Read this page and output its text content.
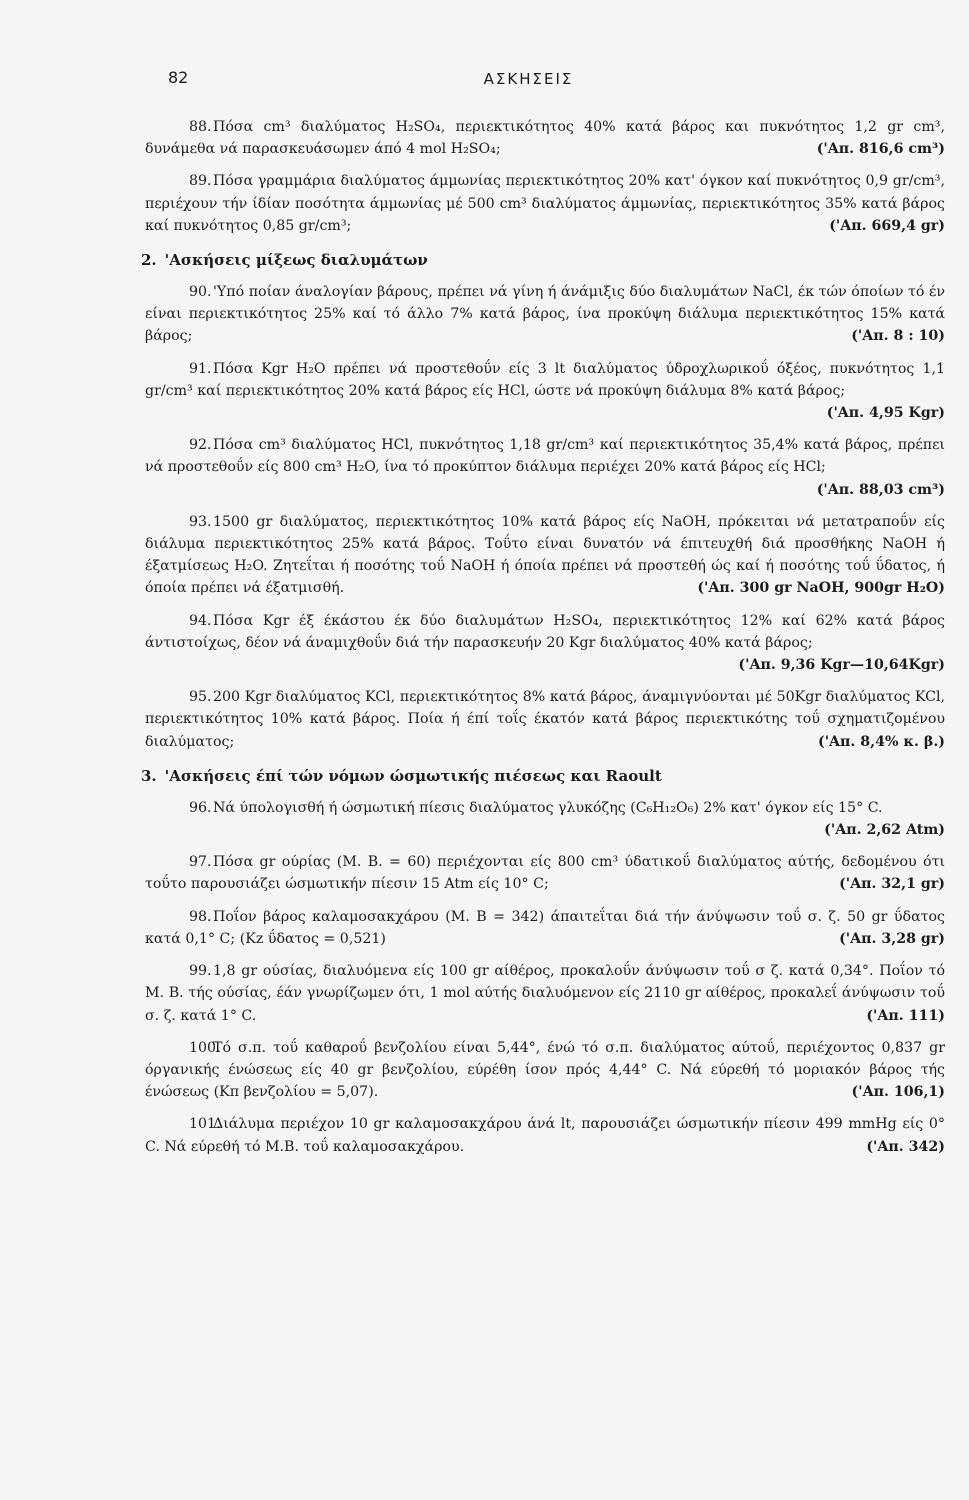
82	ΑΣΚΗΣΕΙΣ
88.Πόσα cm³ διαλύματος H₂SO₄, περιεκτικότητος 40% κατά βάρος και πυκνότητος 1,2 gr cm³, δυνάμεθα νά παρασκευάσωμεν άπό 4 mol H₂SO₄;	('Απ. 816,6 cm³)
89.Πόσα γραμμάρια διαλύματος άμμωνίας περιεκτικότητος 20% κατ' όγκον καί πυκνότητος 0,9 gr/cm³, περιέχουν τήν ίδίαν ποσότητα άμμωνίας μέ 500 cm³ διαλύματος άμμωνίας, περιεκτικότητος 35% κατά βάρος καί πυκνότητος 0,85 gr/cm³;	('Απ. 669,4 gr)
2. 'Ασκήσεις μίξεως διαλυμάτων
90.'Υπό ποίαν άναλογίαν βάρους, πρέπει νά γίνη ή άνάμιξις δύο διαλυμάτων NaCl, έκ τών όποίων τό έν είναι περιεκτικότητος 25% καί τό άλλο 7% κατά βάρος, ίνα προκύψη διάλυμα περιεκτικότητος 15% κατά βάρος;	('Απ. 8 : 10)
91.Πόσα Kgr H₂O πρέπει νά προστεθοΰν είς 3 lt διαλύματος ύδροχλωρικοΰ όξέος, πυκνότητος 1,1 gr/cm³ καί περιεκτικότητος 20% κατά βάρος είς HCl, ώστε νά προκύψη διάλυμα 8% κατά βάρος;
('Απ. 4,95 Kgr)
92.Πόσα cm³ διαλύματος HCl, πυκνότητος 1,18 gr/cm³ καί περιεκτικότητος 35,4% κατά βάρος, πρέπει νά προστεθοΰν είς 800 cm³ H₂O, ίνα τό προκύπτον διάλυμα περιέχει 20% κατά βάρος είς HCl;
('Απ. 88,03 cm³)
93.1500 gr διαλύματος, περιεκτικότητος 10% κατά βάρος είς NaOH, πρόκειται νά μετατραποΰν είς διάλυμα περιεκτικότητος 25% κατά βάρος. Τοΰτο είναι δυνατόν νά έπιτευχθή διά προσθήκης NaOH ή έξατμίσεως H₂O. Ζητεΐται ή ποσότης τοΰ NaOH ή όποία πρέπει νά προστεθή ώς καί ή ποσότης τοΰ ΰδατος, ή όποία πρέπει νά έξατμισθή.	('Απ. 300 gr NaOH, 900gr H₂O)
94.Πόσα Kgr έξ έκάστου έκ δύο διαλυμάτων H₂SO₄, περιεκτικότητος 12% καί 62% κατά βάρος άντιστοίχως, δέον νά άναμιχθοΰν διά τήν παρασκευήν 20 Kgr διαλύματος 40% κατά βάρος;
('Απ. 9,36 Kgr—10,64Kgr)
95.200 Kgr διαλύματος KCl, περιεκτικότητος 8% κατά βάρος, άναμιγνύονται μέ 50Kgr διαλύματος KCl, περιεκτικότητος 10% κατά βάρος. Ποία ή έπί τοΐς έκατόν κατά βάρος περιεκτικότης τοΰ σχηματιζομένου διαλύματος;	('Απ. 8,4% κ. β.)
3. 'Ασκήσεις έπί τών νόμων ώσμωτικής πιέσεως και Raoult
96.Νά ύπολογισθή ή ώσμωτική πίεσις διαλύματος γλυκόζης (C₆H₁₂O₆) 2% κατ' όγκον είς 15° C.
('Απ. 2,62 Atm)
97.Πόσα gr ούρίας (M. B. = 60) περιέχονται είς 800 cm³ ύδατικοΰ διαλύματος αύτής, δεδομένου ότι τοΰτο παρουσιάζει ώσμωτικήν πίεσιν 15 Atm είς 10° C;	('Απ. 32,1 gr)
98.Ποΐον βάρος καλαμοσακχάρου (M. B = 342) άπαιτεΐται διά τήν άνύψωσιν τοΰ σ. ζ. 50 gr ΰδατος κατά 0,1° C; (Kz ΰδατος = 0,521)	('Απ. 3,28 gr)
99.1,8 gr ούσίας, διαλυόμενα είς 100 gr αίθέρος, προκαλοΰν άνύψωσιν τοΰ σ ζ. κατά 0,34°. Ποΐον τό M. B. τής ούσίας, έάν γνωρίζωμεν ότι, 1 mol αύτής διαλυόμενον είς 2110 gr αίθέρος, προκαλεΐ άνύψωσιν τοΰ σ. ζ. κατά 1° C.	('Απ. 111)
100.Τό σ.π. τοΰ καθαροΰ βενζολίου είναι 5,44°, ένώ τό σ.π. διαλύματος αύτοΰ, περιέχοντος 0,837 gr όργανικής ένώσεως είς 40 gr βενζολίου, εύρέθη ίσον πρός 4,44° C. Νά εύρεθή τό μοριακόν βάρος τής ένώσεως (Kπ βενζολίου = 5,07).	('Απ. 106,1)
101.Διάλυμα περιέχον 10 gr καλαμοσακχάρου άνά lt, παρουσιάζει ώσμωτικήν πίεσιν 499 mmHg είς 0° C. Νά εύρεθή τό M.B. τοΰ καλαμοσακχάρου.	('Απ. 342)
